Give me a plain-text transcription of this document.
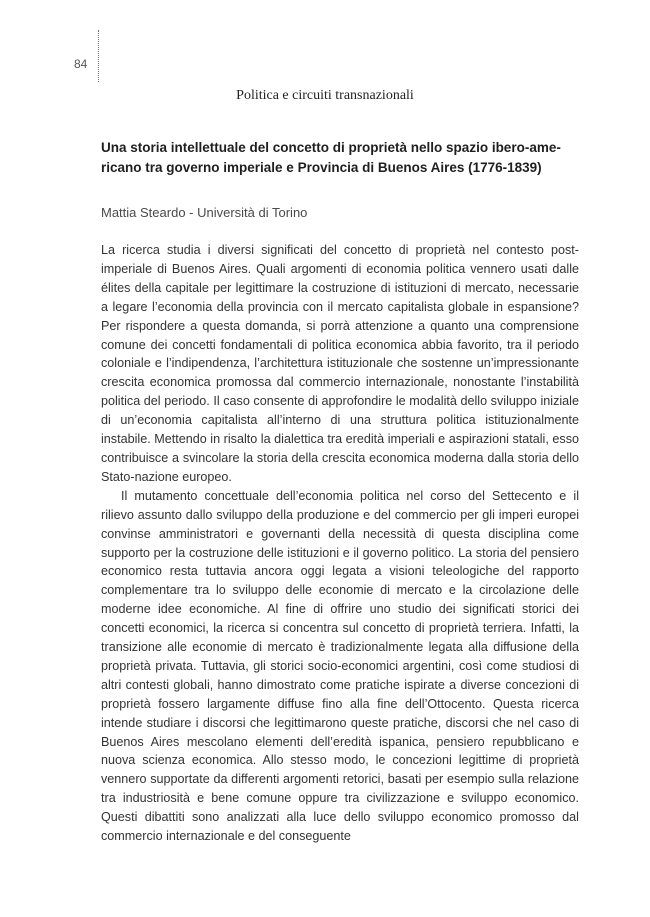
84
Politica e circuiti transnazionali
Una storia intellettuale del concetto di proprietà nello spazio ibero-americano tra governo imperiale e Provincia di Buenos Aires (1776-1839)
Mattia Steardo - Università di Torino

La ricerca studia i diversi significati del concetto di proprietà nel contesto post-imperiale di Buenos Aires. Quali argomenti di economia politica vennero usati dalle élites della capitale per legittimare la costruzione di istituzioni di mercato, necessarie a legare l’economia della provincia con il mercato capitalista globale in espansione? Per rispondere a questa domanda, si porrà attenzione a quanto una comprensione comune dei concetti fondamentali di politica economica abbia favorito, tra il periodo coloniale e l’indipendenza, l’architettura istituzionale che sostenne un’impressionante crescita economica promossa dal commercio internazionale, nonostante l’instabilità politica del periodo. Il caso consente di approfondire le modalità dello sviluppo iniziale di un’economia capitalista all’interno di una struttura politica istituzionalmente instabile. Mettendo in risalto la dialettica tra eredità imperiali e aspirazioni statali, esso contribuisce a svincolare la storia della crescita economica moderna dalla storia dello Stato-nazione europeo.

Il mutamento concettuale dell’economia politica nel corso del Settecento e il rilievo assunto dallo sviluppo della produzione e del commercio per gli imperi europei convinse amministratori e governanti della necessità di questa disciplina come supporto per la costruzione delle istituzioni e il governo politico. La storia del pensiero economico resta tuttavia ancora oggi legata a visioni teleologiche del rapporto complementare tra lo sviluppo delle economie di mercato e la circolazione delle moderne idee economiche. Al fine di offrire uno studio dei significati storici dei concetti economici, la ricerca si concentra sul concetto di proprietà terriera. Infatti, la transizione alle economie di mercato è tradizionalmente legata alla diffusione della proprietà privata. Tuttavia, gli storici socio-economici argentini, così come studiosi di altri contesti globali, hanno dimostrato come pratiche ispirate a diverse concezioni di proprietà fossero largamente diffuse fino alla fine dell’Ottocento. Questa ricerca intende studiare i discorsi che legittimarono queste pratiche, discorsi che nel caso di Buenos Aires mescolano elementi dell’eredità ispanica, pensiero repubblicano e nuova scienza economica. Allo stesso modo, le concezioni legittime di proprietà vennero supportate da differenti argomenti retorici, basati per esempio sulla relazione tra industriosità e bene comune oppure tra civilizzazione e sviluppo economico. Questi dibattiti sono analizzati alla luce dello sviluppo economico promosso dal commercio internazionale e del conseguente
